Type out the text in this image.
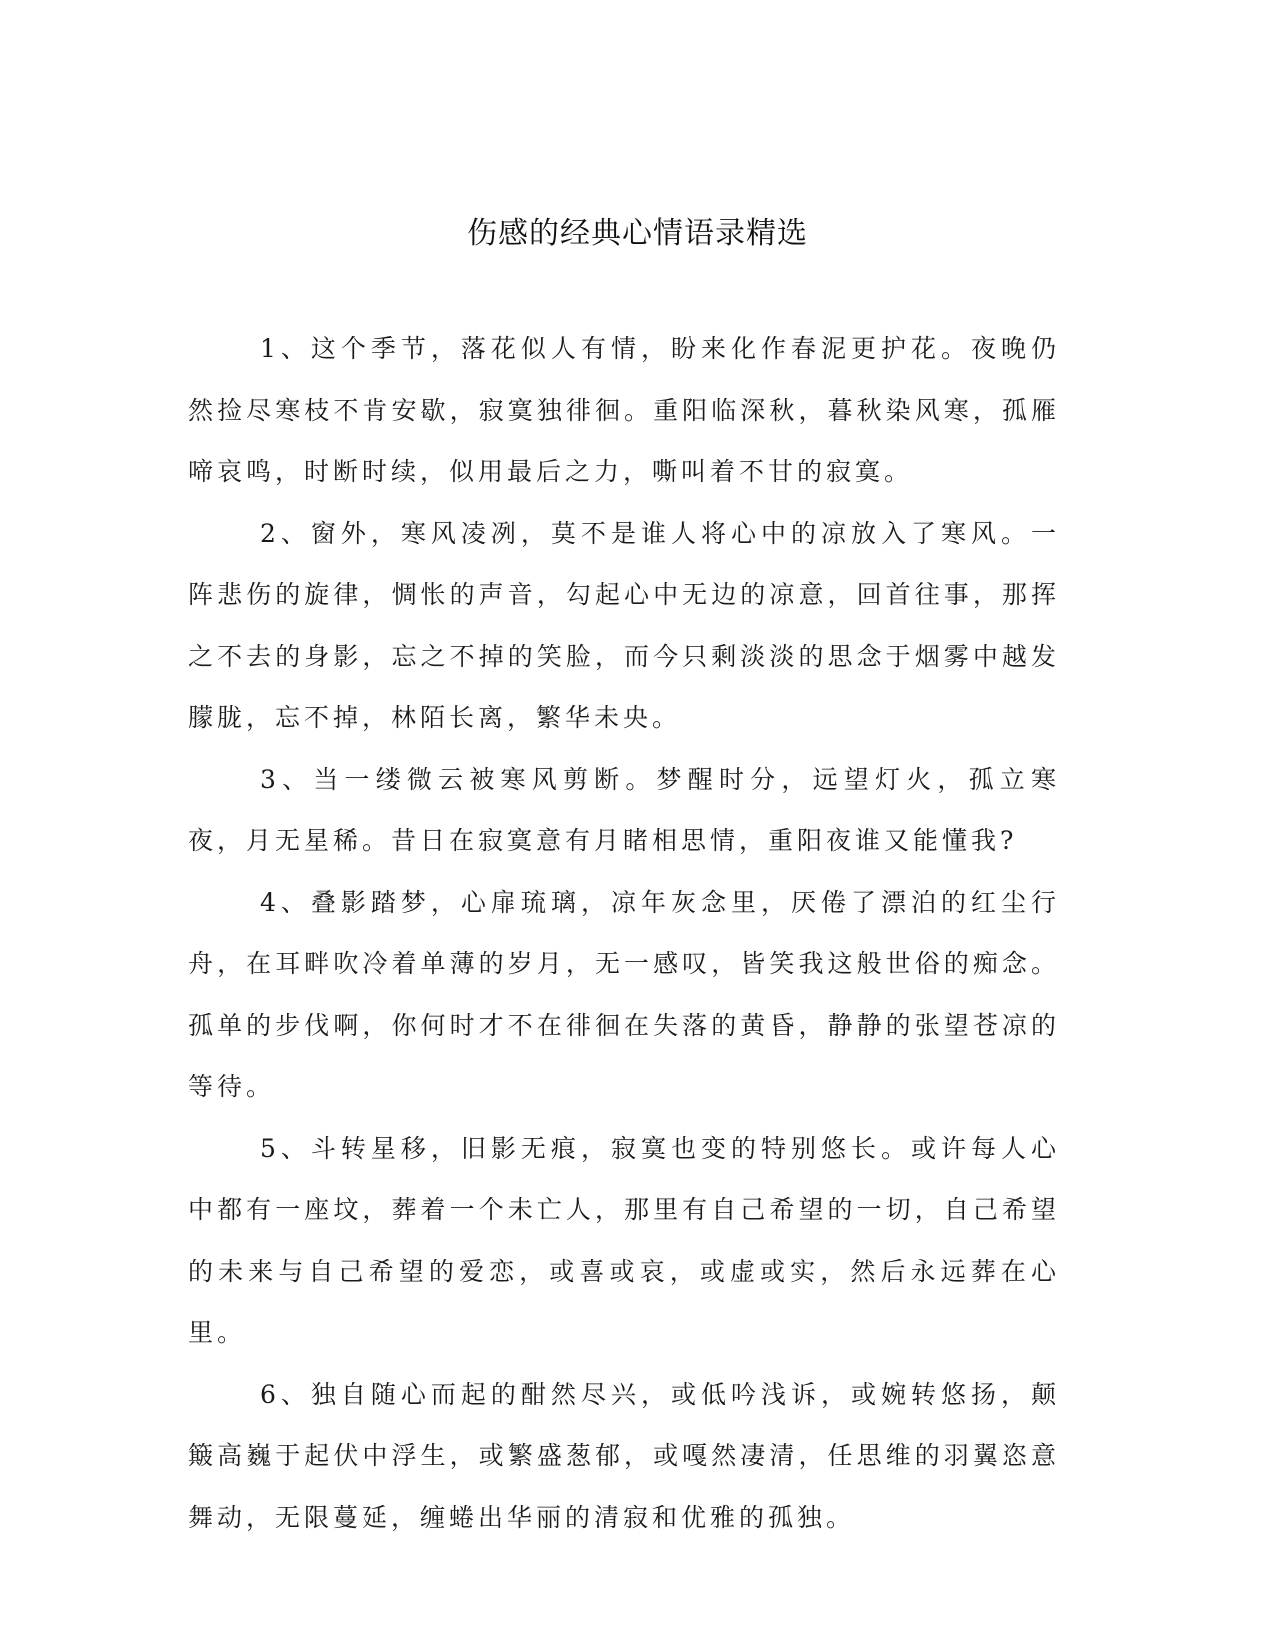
伤感的经典心情语录精选

1、这个季节，落花似人有情，盼来化作春泥更护花。夜晚仍然捡尽寒枝不肯安歇，寂寞独徘徊。重阳临深秋，暮秋染风寒，孤雁啼哀鸣，时断时续，似用最后之力，嘶叫着不甘的寂寞。

2、窗外，寒风凌冽，莫不是谁人将心中的凉放入了寒风。一阵悲伤的旋律，惆怅的声音，勾起心中无边的凉意，回首往事，那挥之不去的身影，忘之不掉的笑脸，而今只剩淡淡的思念于烟雾中越发朦胧，忘不掉，林陌长离，繁华未央。

3、当一缕微云被寒风剪断。梦醒时分，远望灯火，孤立寒夜，月无星稀。昔日在寂寞意有月睹相思情，重阳夜谁又能懂我?

4、叠影踏梦，心扉琉璃，凉年灰念里，厌倦了漂泊的红尘行舟，在耳畔吹冷着单薄的岁月，无一感叹，皆笑我这般世俗的痴念。孤单的步伐啊，你何时才不在徘徊在失落的黄昏，静静的张望苍凉的等待。

5、斗转星移，旧影无痕，寂寞也变的特别悠长。或许每人心中都有一座坟，葬着一个未亡人，那里有自己希望的一切，自己希望的未来与自己希望的爱恋，或喜或哀，或虚或实，然后永远葬在心里。

6、独自随心而起的酣然尽兴，或低吟浅诉，或婉转悠扬，颠簸高巍于起伏中浮生，或繁盛葱郁，或嘎然凄清，任思维的羽翼恣意舞动，无限蔓延，缠蜷出华丽的清寂和优雅的孤独。
